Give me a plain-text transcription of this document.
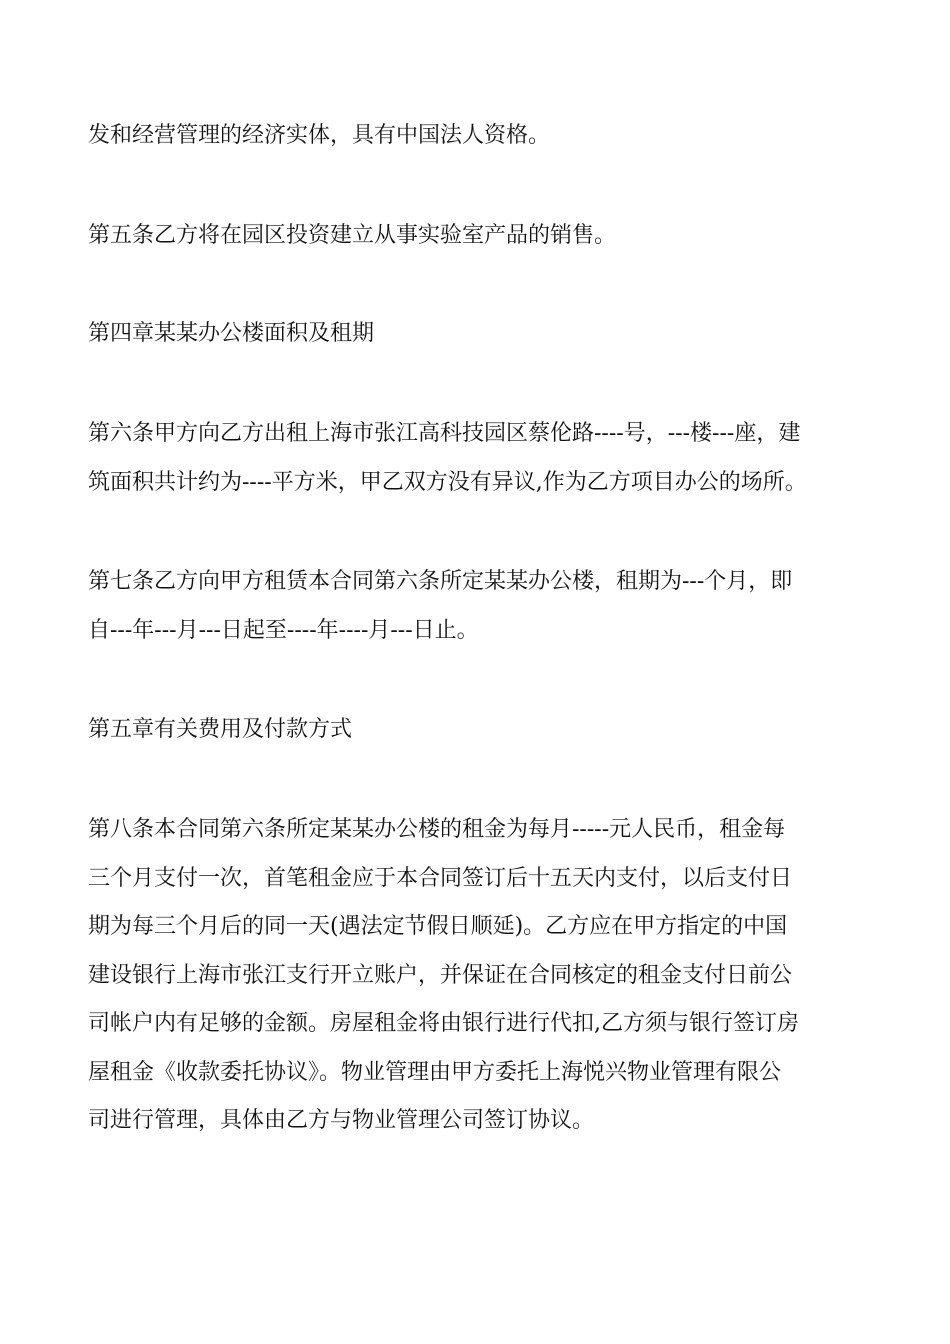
发和经营管理的经济实体，具有中国法人资格。

第五条乙方将在园区投资建立从事实验室产品的销售。

第四章某某办公楼面积及租期

第六条甲方向乙方出租上海市张江高科技园区蔡伦路----号，---楼---座，建
筑面积共计约为----平方米，甲乙双方没有异议,作为乙方项目办公的场所。

第七条乙方向甲方租赁本合同第六条所定某某办公楼，租期为---个月，即
自---年---月---日起至----年----月---日止。

第五章有关费用及付款方式

第八条本合同第六条所定某某办公楼的租金为每月-----元人民币，租金每
三个月支付一次，首笔租金应于本合同签订后十五天内支付，以后支付日
期为每三个月后的同一天(遇法定节假日顺延)。乙方应在甲方指定的中国
建设银行上海市张江支行开立账户，并保证在合同核定的租金支付日前公
司帐户内有足够的金额。房屋租金将由银行进行代扣,乙方须与银行签订房
屋租金《收款委托协议》。物业管理由甲方委托上海悦兴物业管理有限公
司进行管理，具体由乙方与物业管理公司签订协议。
